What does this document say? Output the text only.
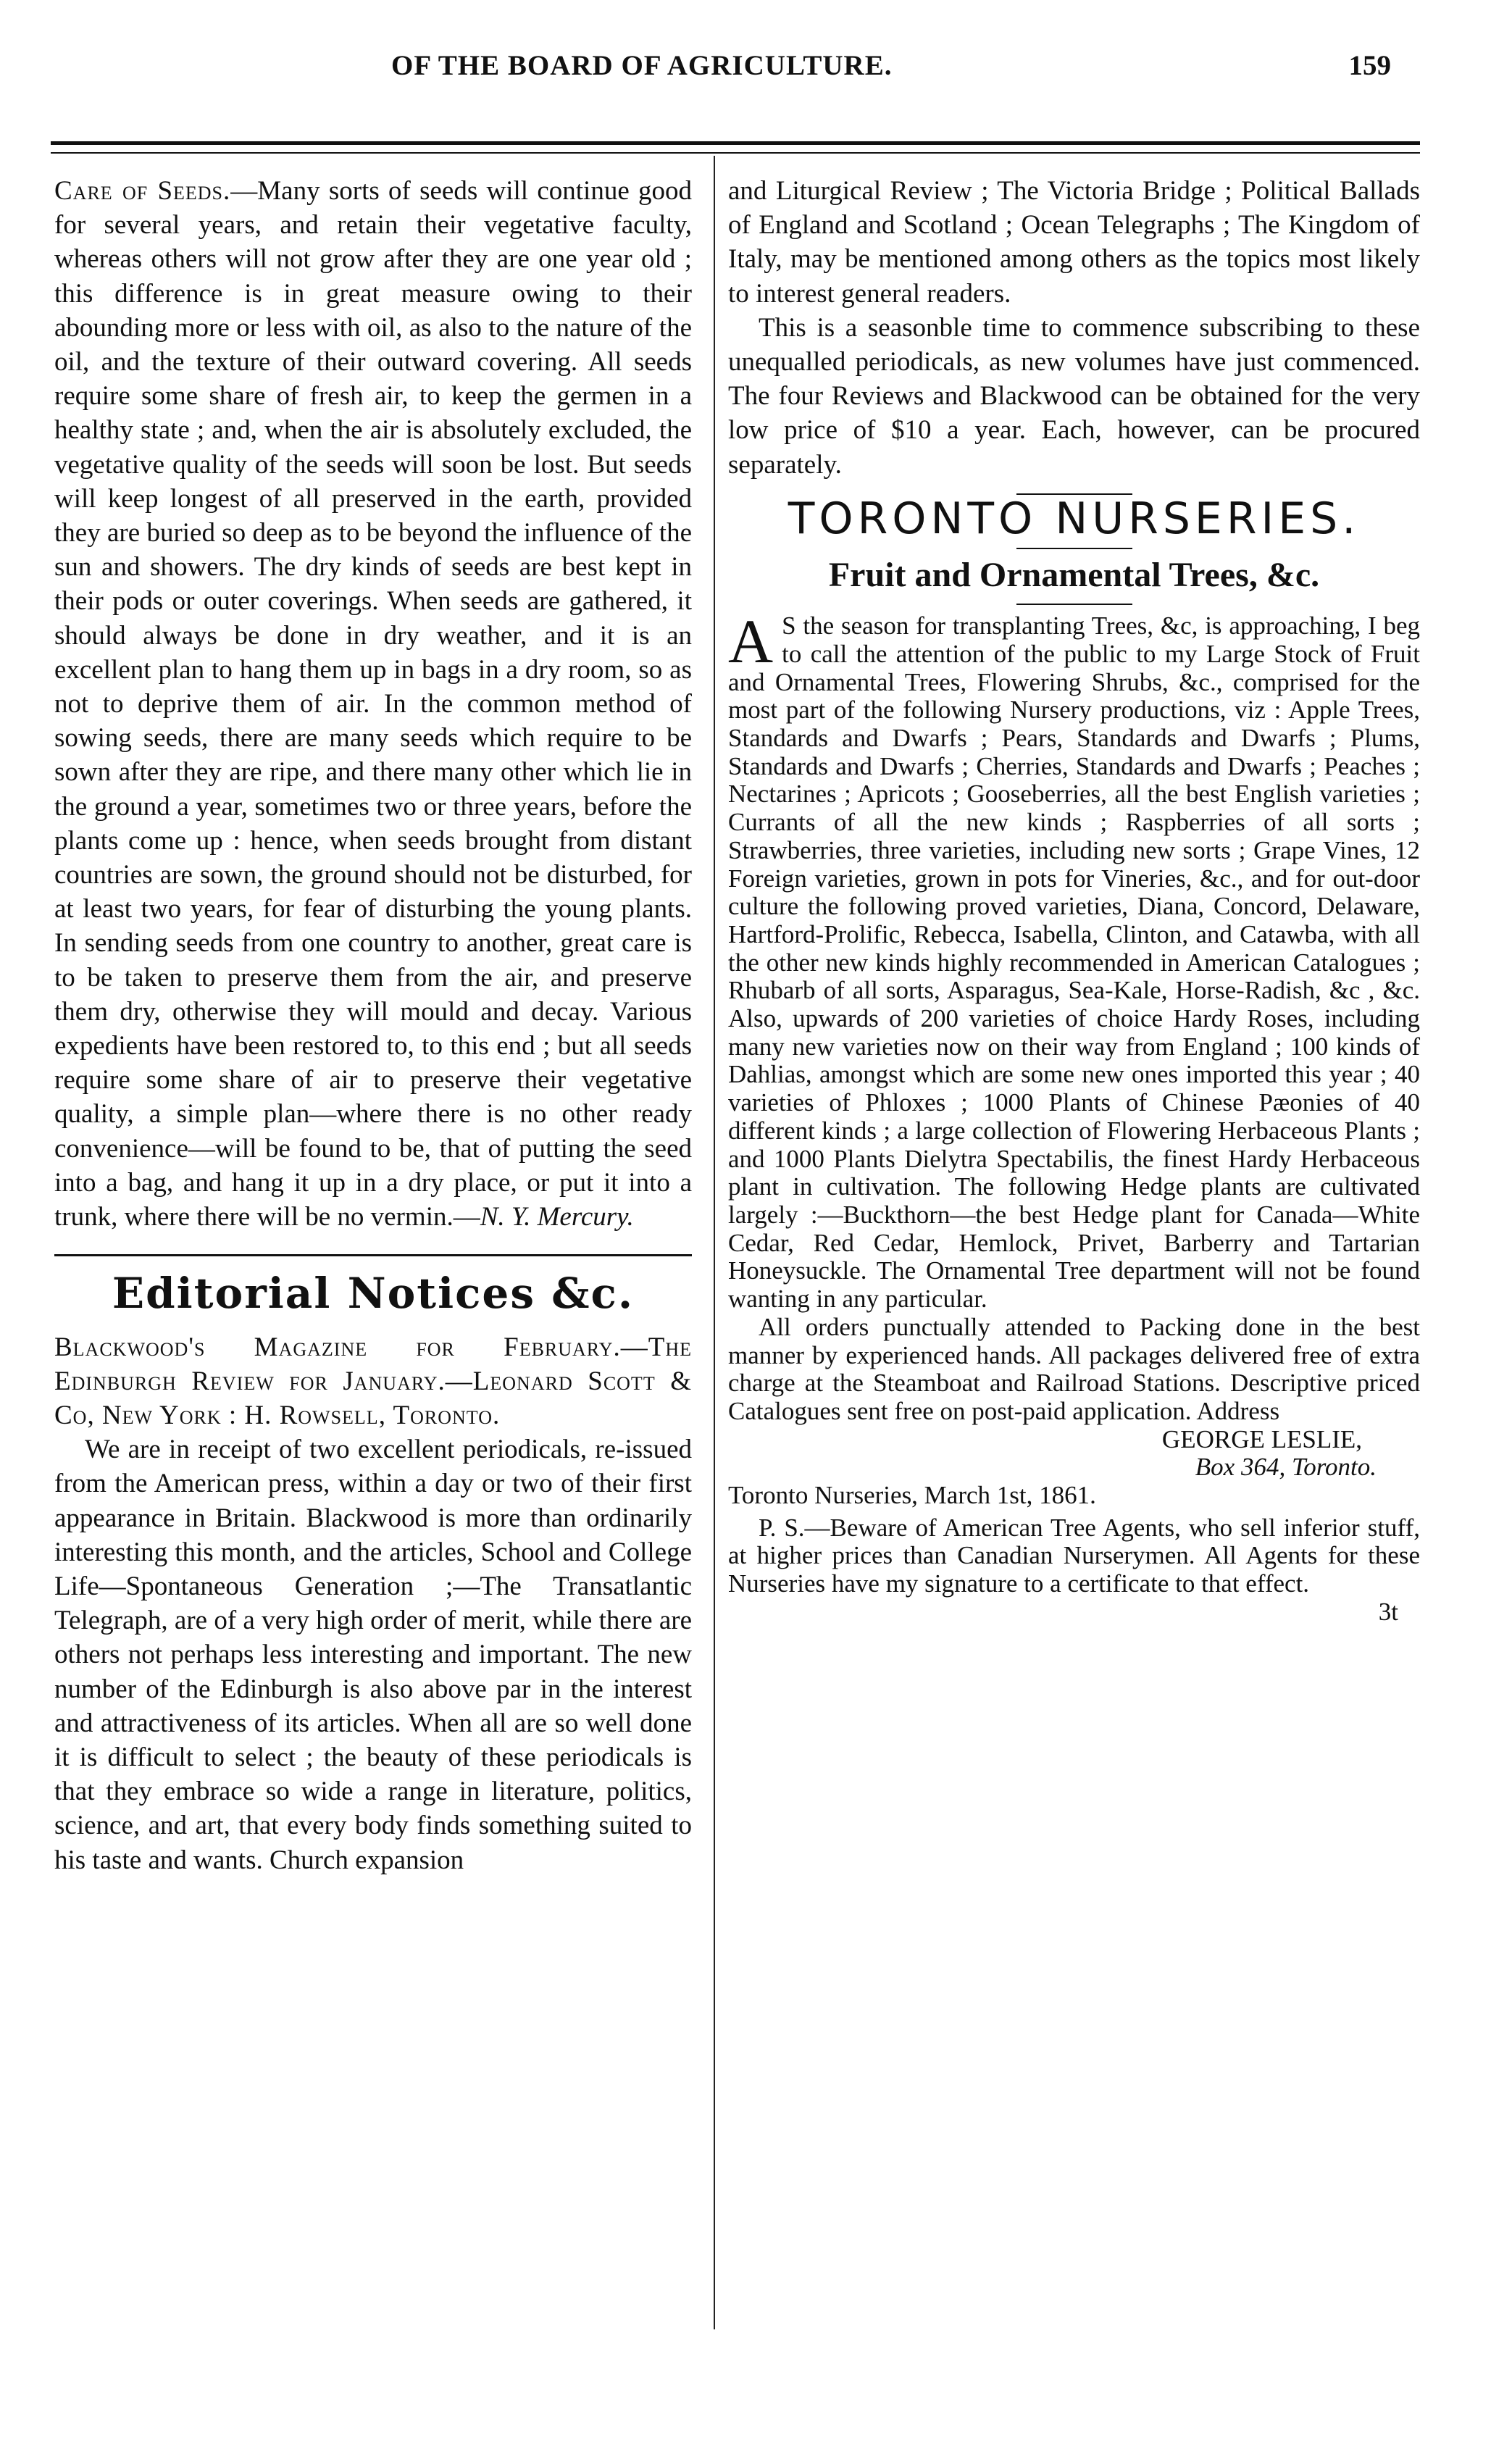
OF THE BOARD OF AGRICULTURE.	159

Care of Seeds.—Many sorts of seeds will continue good for several years, and retain their vegetative faculty, whereas others will not grow after they are one year old ; this difference is in great measure owing to their abounding more or less with oil, as also to the nature of the oil, and the texture of their outward covering. All seeds require some share of fresh air, to keep the germen in a healthy state ; and, when the air is absolutely excluded, the vegetative quality of the seeds will soon be lost. But seeds will keep longest of all preserved in the earth, provided they are buried so deep as to be beyond the influence of the sun and showers. The dry kinds of seeds are best kept in their pods or outer coverings. When seeds are gathered, it should always be done in dry weather, and it is an excellent plan to hang them up in bags in a dry room, so as not to deprive them of air. In the common method of sowing seeds, there are many seeds which require to be sown after they are ripe, and there many other which lie in the ground a year, sometimes two or three years, before the plants come up : hence, when seeds brought from distant countries are sown, the ground should not be disturbed, for at least two years, for fear of disturbing the young plants. In sending seeds from one country to another, great care is to be taken to preserve them from the air, and preserve them dry, otherwise they will mould and decay. Various expedients have been restored to, to this end ; but all seeds require some share of air to preserve their vegetative quality, a simple plan—where there is no other ready convenience—will be found to be, that of putting the seed into a bag, and hang it up in a dry place, or put it into a trunk, where there will be no vermin.—N. Y. Mercury.

Editorial Notices &c.

Blackwood's Magazine for February.—The Edinburgh Review for January.—Leonard Scott & Co, New York : H. Rowsell, Toronto.

We are in receipt of two excellent periodicals, re-issued from the American press, within a day or two of their first appearance in Britain. Blackwood is more than ordinarily interesting this month, and the articles, School and College Life—Spontaneous Generation ;—The Transatlantic Telegraph, are of a very high order of merit, while there are others not perhaps less interesting and important. The new number of the Edinburgh is also above par in the interest and attractiveness of its articles. When all are so well done it is difficult to select ; the beauty of these periodicals is that they embrace so wide a range in literature, politics, science, and art, that every body finds something suited to his taste and wants. Church expansion

and Liturgical Review ; The Victoria Bridge ; Political Ballads of England and Scotland ; Ocean Telegraphs ; The Kingdom of Italy, may be mentioned among others as the topics most likely to interest general readers.

This is a seasonble time to commence subscribing to these unequalled periodicals, as new volumes have just commenced. The four Reviews and Blackwood can be obtained for the very low price of $10 a year. Each, however, can be procured separately.

TORONTO NURSERIES.
Fruit and Ornamental Trees, &c.

A S the season for transplanting Trees, &c, is approaching, I beg to call the attention of the public to my Large Stock of Fruit and Ornamental Trees, Flowering Shrubs, &c., comprised for the most part of the following Nursery productions, viz : Apple Trees, Standards and Dwarfs ; Pears, Standards and Dwarfs ; Plums, Standards and Dwarfs ; Cherries, Standards and Dwarfs ; Peaches ; Nectarines ; Apricots ; Gooseberries, all the best English varieties ; Currants of all the new kinds ; Raspberries of all sorts ; Strawberries, three varieties, including new sorts ; Grape Vines, 12 Foreign varieties, grown in pots for Vineries, &c., and for out-door culture the following proved varieties, Diana, Concord, Delaware, Hartford-Prolific, Rebecca, Isabella, Clinton, and Catawba, with all the other new kinds highly recommended in American Catalogues ; Rhubarb of all sorts, Asparagus, Sea-Kale, Horse-Radish, &c , &c. Also, upwards of 200 varieties of choice Hardy Roses, including many new varieties now on their way from England ; 100 kinds of Dahlias, amongst which are some new ones imported this year ; 40 varieties of Phloxes ; 1000 Plants of Chinese Pæonies of 40 different kinds ; a large collection of Flowering Herbaceous Plants ; and 1000 Plants Dielytra Spectabilis, the finest Hardy Herbaceous plant in cultivation. The following Hedge plants are cultivated largely :—Buckthorn—the best Hedge plant for Canada—White Cedar, Red Cedar, Hemlock, Privet, Barberry and Tartarian Honeysuckle. The Ornamental Tree department will not be found wanting in any particular.

All orders punctually attended to Packing done in the best manner by experienced hands. All packages delivered free of extra charge at the Steamboat and Railroad Stations. Descriptive priced Catalogues sent free on post-paid application. Address

GEORGE LESLIE,
Box 364, Toronto.

Toronto Nurseries, March 1st, 1861.

P. S.—Beware of American Tree Agents, who sell inferior stuff, at higher prices than Canadian Nurserymen. All Agents for these Nurseries have my signature to a certificate to that effect.

3t
